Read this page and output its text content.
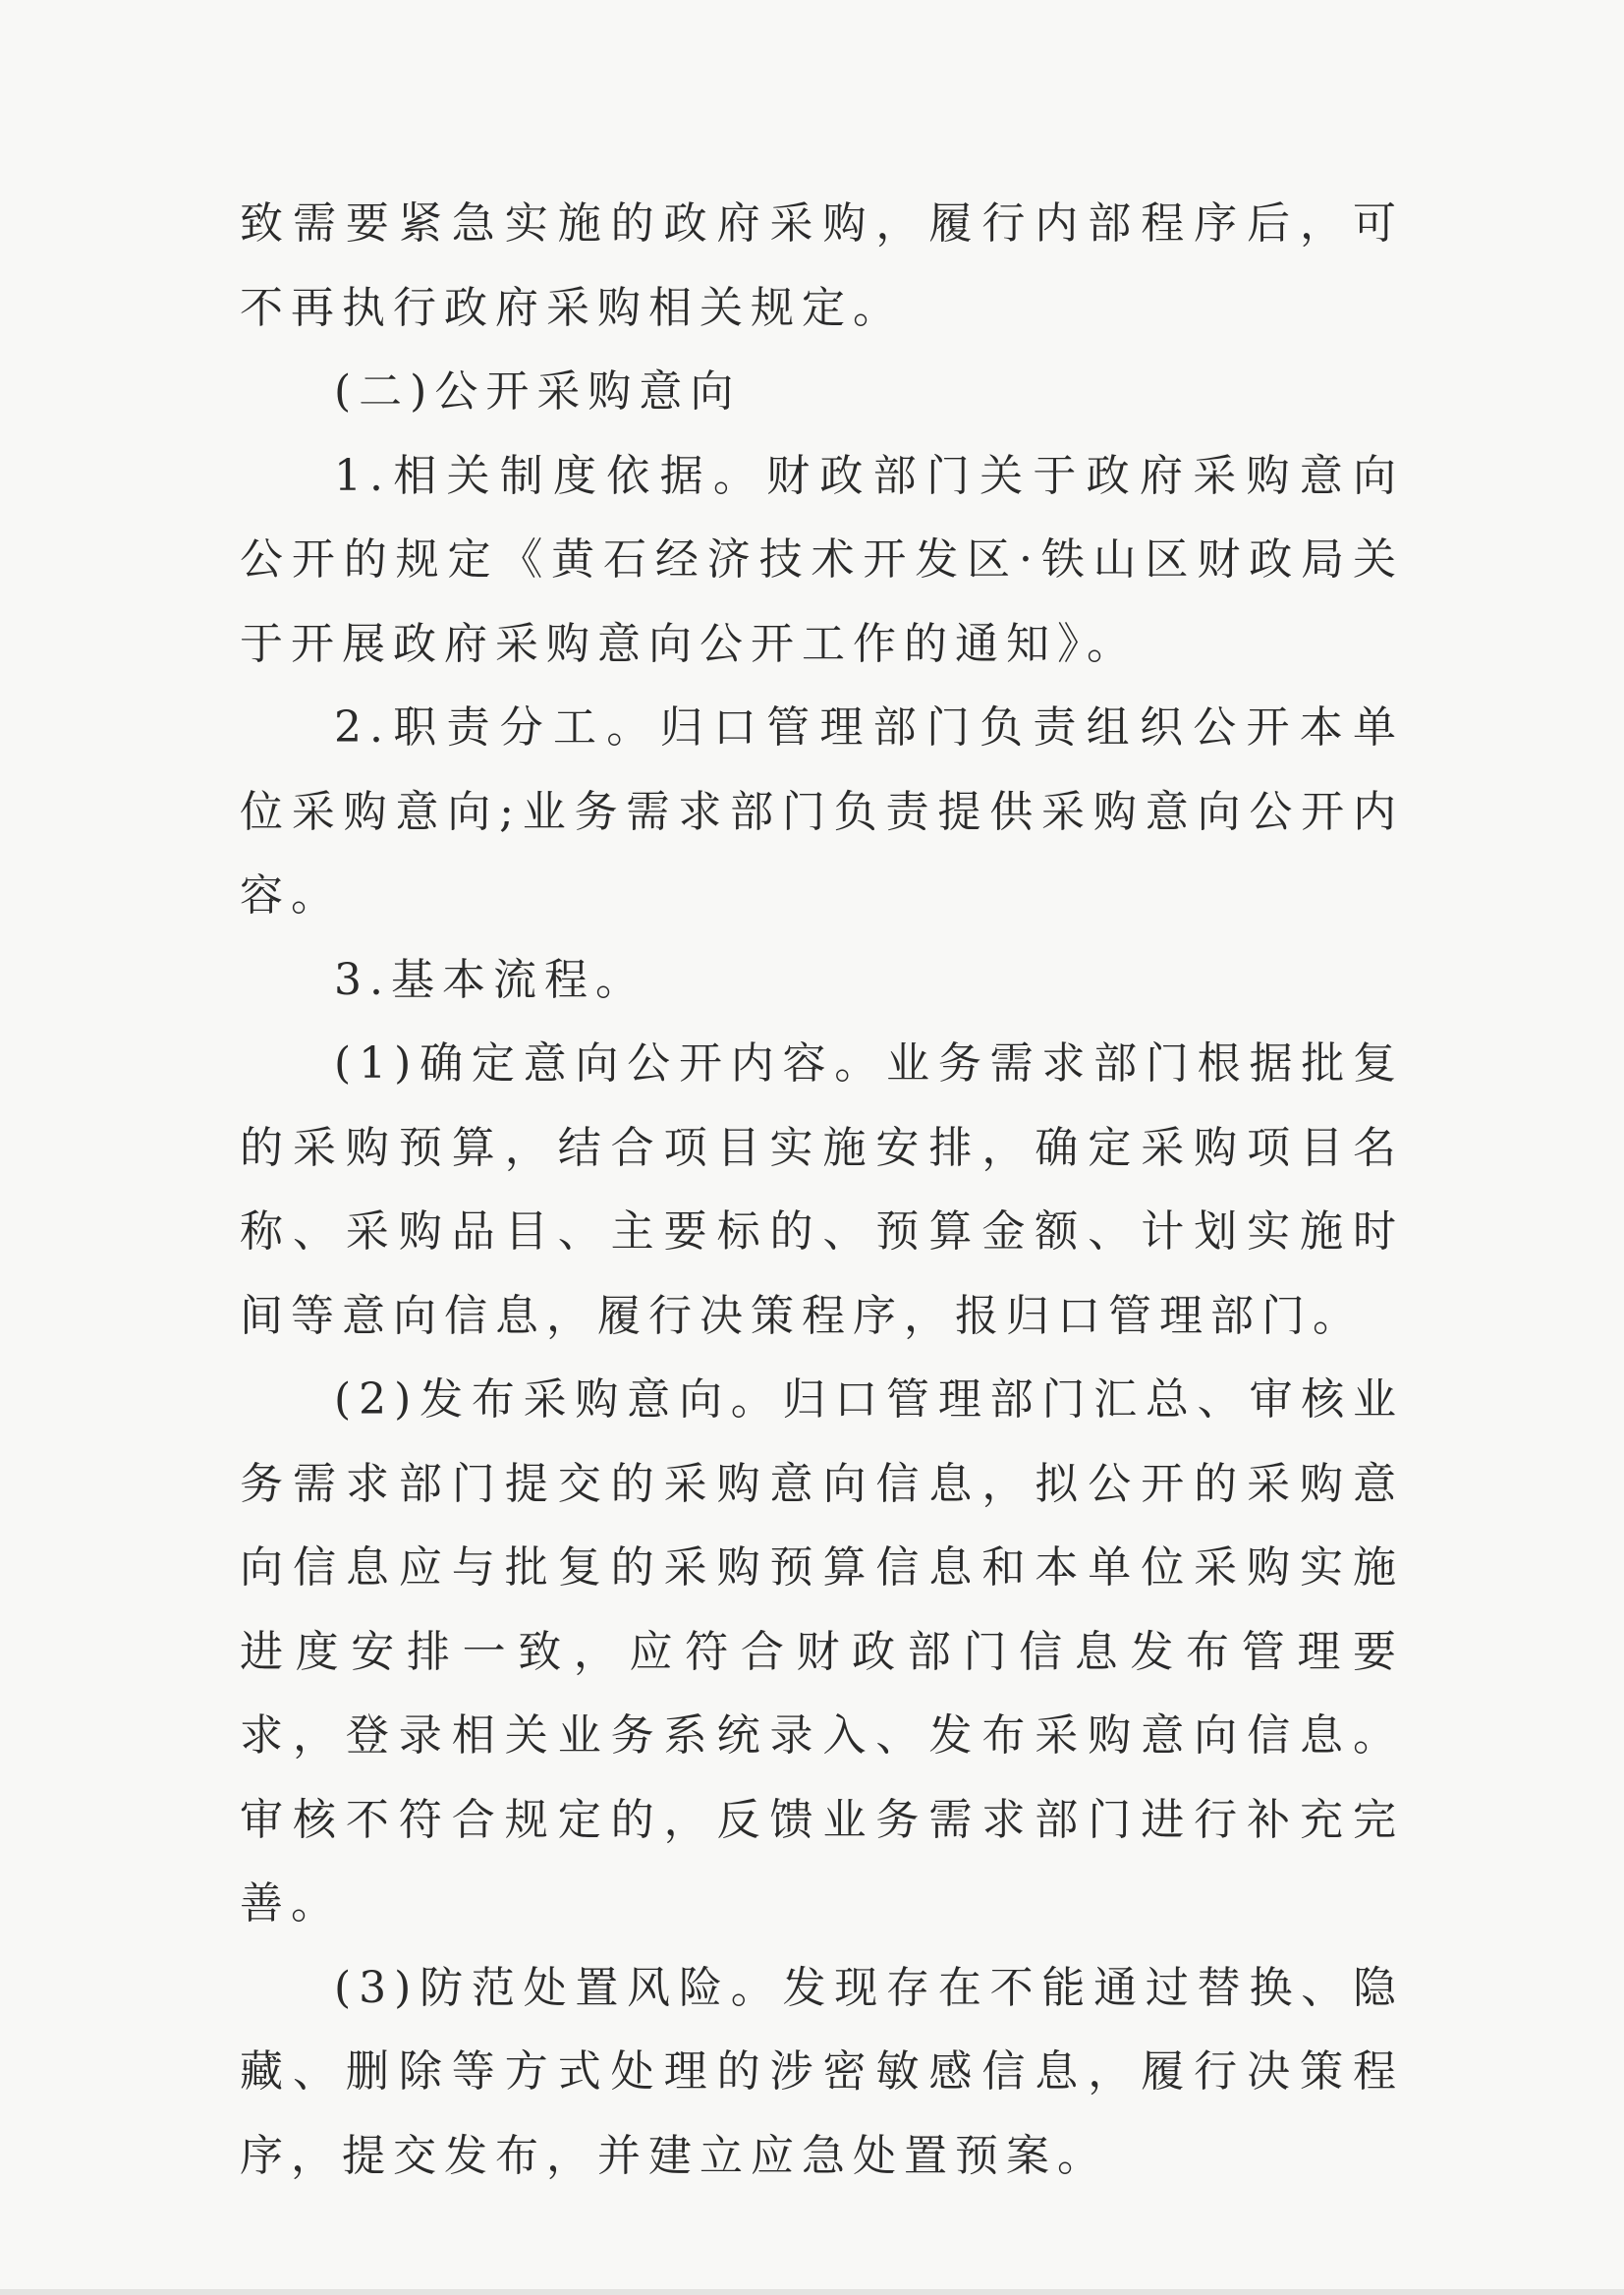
致需要紧急实施的政府采购，履行内部程序后，可不再执行政府采购相关规定。

(二)公开采购意向

1.相关制度依据。财政部门关于政府采购意向公开的规定《黄石经济技术开发区·铁山区财政局关于开展政府采购意向公开工作的通知》。

2.职责分工。归口管理部门负责组织公开本单位采购意向;业务需求部门负责提供采购意向公开内容。

3.基本流程。

(1)确定意向公开内容。业务需求部门根据批复的采购预算，结合项目实施安排，确定采购项目名称、采购品目、主要标的、预算金额、计划实施时间等意向信息，履行决策程序，报归口管理部门。

(2)发布采购意向。归口管理部门汇总、审核业务需求部门提交的采购意向信息，拟公开的采购意向信息应与批复的采购预算信息和本单位采购实施进度安排一致，应符合财政部门信息发布管理要求，登录相关业务系统录入、发布采购意向信息。审核不符合规定的，反馈业务需求部门进行补充完善。

(3)防范处置风险。发现存在不能通过替换、隐藏、删除等方式处理的涉密敏感信息，履行决策程序，提交发布，并建立应急处置预案。
